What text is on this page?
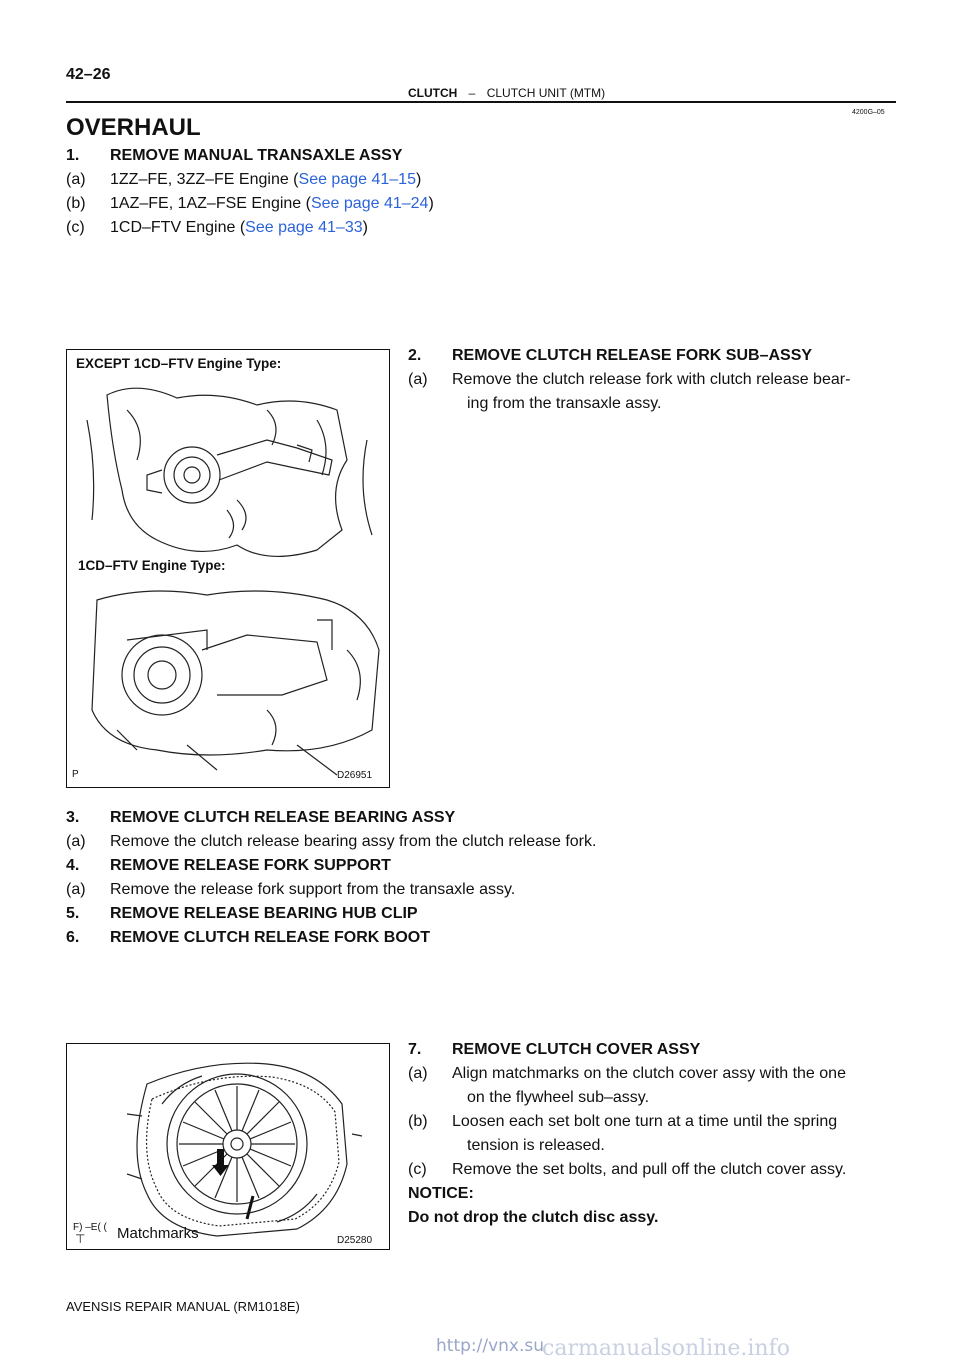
42–26
CLUTCH – CLUTCH UNIT (MTM)
4200G–05
OVERHAUL
1. REMOVE MANUAL TRANSAXLE ASSY
(a) 1ZZ–FE, 3ZZ–FE Engine (See page 41–15)
(b) 1AZ–FE, 1AZ–FSE Engine (See page 41–24)
(c) 1CD–FTV Engine (See page 41–33)
EXCEPT 1CD–FTV Engine Type:
1CD–FTV Engine Type:
P	D26951
2. REMOVE CLUTCH RELEASE FORK SUB–ASSY
(a) Remove the clutch release fork with clutch release bear-
ing from the transaxle assy.
3. REMOVE CLUTCH RELEASE BEARING ASSY
(a) Remove the clutch release bearing assy from the clutch release fork.
4. REMOVE RELEASE FORK SUPPORT
(a) Remove the release fork support from the transaxle assy.
5. REMOVE RELEASE BEARING HUB CLIP
6. REMOVE CLUTCH RELEASE FORK BOOT
F) –E( (
⊤ Matchmarks	D25280
7. REMOVE CLUTCH COVER ASSY
(a) Align matchmarks on the clutch cover assy with the one
on the flywheel sub–assy.
(b) Loosen each set bolt one turn at a time until the spring
tension is released.
(c) Remove the set bolts, and pull off the clutch cover assy.
NOTICE:
Do not drop the clutch disc assy.
AVENSIS REPAIR MANUAL (RM1018E)
carmanualsonline.info
http://vnx.su
